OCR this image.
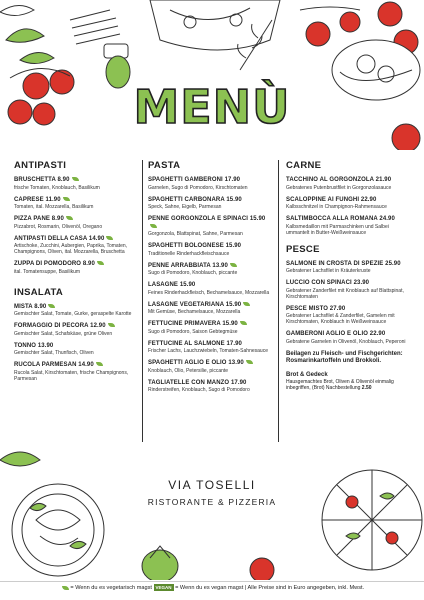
MENÙ
ANTIPASTI
BRUSCHETTA 8.90
frische Tomaten, Knoblauch, Basilikum
CAPRESE 11.90
Tomaten, ital. Mozzarella, Basilikum
PIZZA PANE 8.90
Pizzabrot, Rosmarin, Olivenöl, Oregano
ANTIPASTI DELLA CASA 14.90
Artischoke, Zucchini, Aubergien, Paprika, Tomaten, Champignons, Oliven, ital. Mozzarella, Bruschetta
ZUPPA DI POMODORO 8.90
ital. Tomatensuppe, Basilikum
INSALATA
MISTA 8.90
Gemischter Salat, Tomate, Gurke, geraspelte Karotte
FORMAGGIO DI PECORA 12.90
Gemischter Salat, Schafskäse, grüne Oliven
TONNO 13.90
Gemischter Salat, Thunfisch, Oliven
RUCOLA PARMESAN 14.90
Rucola Salat, Kirschtomaten, frische Champignons, Parmesan
PASTA
SPAGHETTI GAMBERONI 17.90
Garnelen, Sugo di Pomodoro, Kirschtomaten
SPAGHETTI CARBONARA 15.90
Speck, Sahne, Eigelb, Parmesan
PENNE GORGONZOLA E SPINACI 15.90
Gorgonzola, Blattspinat, Sahne, Parmesan
SPAGHETTI BOLOGNESE 15.90
Traditionelle Rinderhackfleischsauce
PENNE ARRABBIATA 13.90
Sugo di Pomodoro, Knoblauch, piccante
LASAGNE 15.90
Feines Rinderhackfleisch, Bechamelsauce, Mozzarella
LASAGNE VEGETARIANA 15.90
Mit Gemüse, Bechamelsauce, Mozzarella
FETTUCINE PRIMAVERA 15.90
Sugo di Pomodoro, Saison Gebtegmüse
FETTUCINE AL SALMONE 17.90
Frischer Lachs, Lauchzwiebeln, Tomaten-Sahnesauce
SPAGHETTI AGLIO E OLIO 13.90
Knoblauch, Olio, Petersilie, piccante
TAGLIATELLE CON MANZO 17.90
Rinderstreifen, Knoblauch, Sugo di Pomodoro
CARNE
TACCHINO AL GORGONZOLA 21.90
Gebratenes Putenbrustfilet in Gorgonzolasauce
SCALOPPINE AI FUNGHI 22.90
Kalbsschnitzel in Champignon-Rahmensauce
SALTIMBOCCA ALLA ROMANA 24.90
Kalbsmedaillon mit Parmaschinken und Salbei ummantelt in Butter-Weißweinsauce
PESCE
SALMONE IN CROSTA DI SPEZIE 25.90
Gebratener Lachsfilet in Kräuterkruste
LUCCIO CON SPINACI 23.90
Gebratener Zanderfilet mit Knoblauch auf Blattspinat, Kirschtomaten
PESCE MISTO 27.90
Gebratener Lachsfilet & Zanderfilet, Gamelen mit Kirschtomaten, Knoblauch in Weißweinsauce
GAMBERONI AGLIO E OLIO 22.90
Gebratene Garnelen in Olivenöl, Knoblauch, Peperoni
Beilagen zu Fleisch- und Fischgerichten:
Rosmarinkartoffeln und Brokkoli.
Brot & Gedeck
Hausgemachtes Brot, Oliven & Olivenöl einmalig inbegriffen, (Brot) Nachbestellung 2.50
VIA TOSELLI
RISTORANTE & PIZZERIA
= Wenn du es vegetarisch magst VEGAN = Wenn du es vegan magst | Alle Preise sind in Euro angegeben, inkl. Mwst.
